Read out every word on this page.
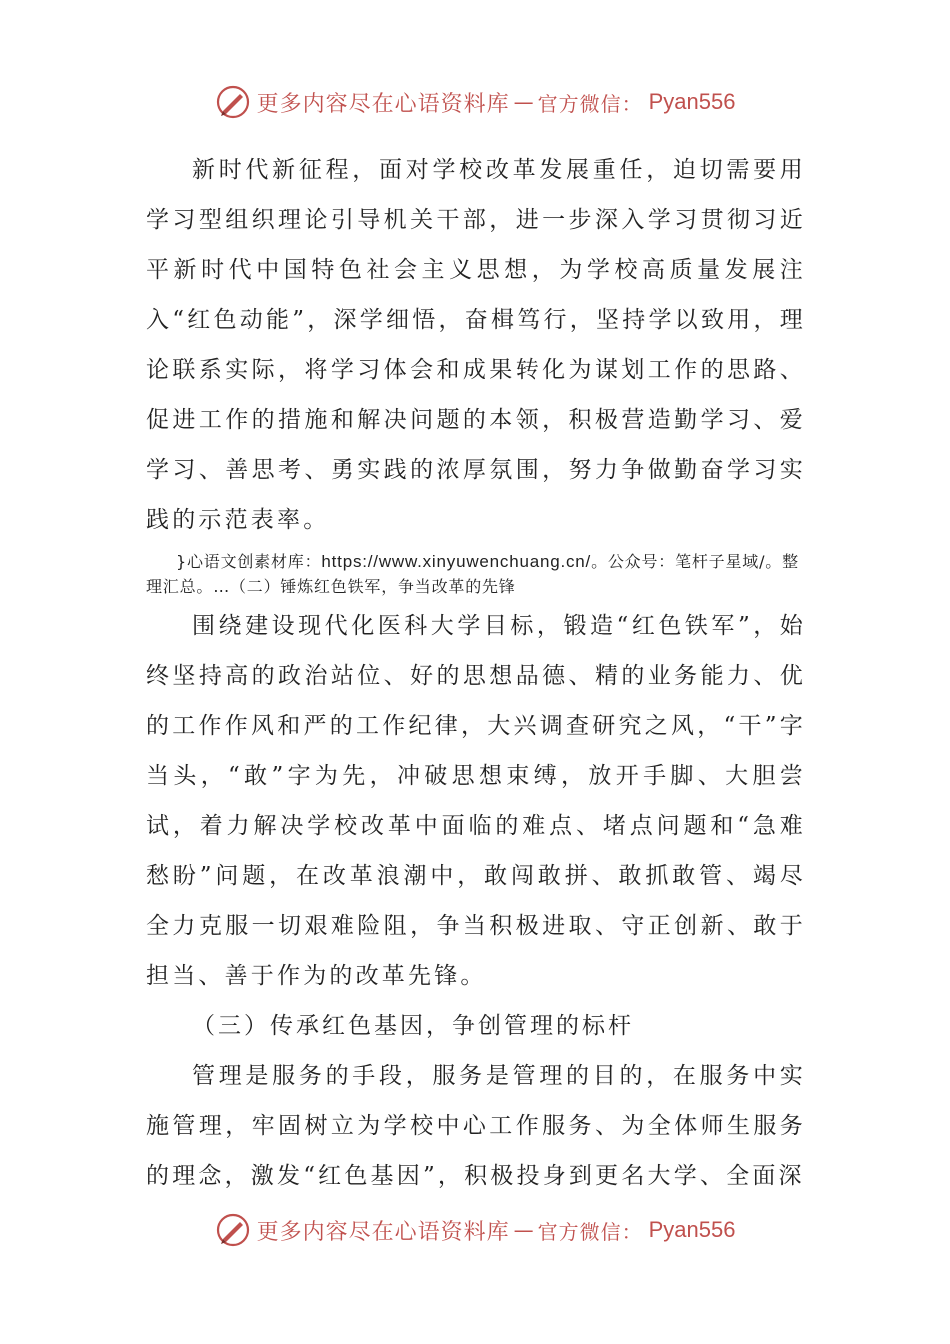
更多内容尽在心语资料库 — 官方微信： Pyan556

新时代新征程，面对学校改革发展重任，迫切需要用学习型组织理论引导机关干部，进一步深入学习贯彻习近平新时代中国特色社会主义思想，为学校高质量发展注入“红色动能”，深学细悟，奋楫笃行，坚持学以致用，理论联系实际，将学习体会和成果转化为谋划工作的思路、促进工作的措施和解决问题的本领，积极营造勤学习、爱学习、善思考、勇实践的浓厚氛围，努力争做勤奋学习实践的示范表率。

}心语文创素材库：https://www.xinyuwenchuang.cn/。公众号：笔杆子星域/。整理汇总。…（二）锤炼红色铁军，争当改革的先锋

围绕建设现代化医科大学目标，锻造“红色铁军”，始终坚持高的政治站位、好的思想品德、精的业务能力、优的工作作风和严的工作纪律，大兴调查研究之风，“干”字当头，“敢”字为先，冲破思想束缚，放开手脚、大胆尝试，着力解决学校改革中面临的难点、堵点问题和“急难愁盼”问题，在改革浪潮中，敢闯敢拼、敢抓敢管、竭尽全力克服一切艰难险阻，争当积极进取、守正创新、敢于担当、善于作为的改革先锋。

（三）传承红色基因，争创管理的标杆

管理是服务的手段，服务是管理的目的，在服务中实施管理，牢固树立为学校中心工作服务、为全体师生服务的理念，激发“红色基因”，积极投身到更名大学、全面深

更多内容尽在心语资料库 — 官方微信： Pyan556
